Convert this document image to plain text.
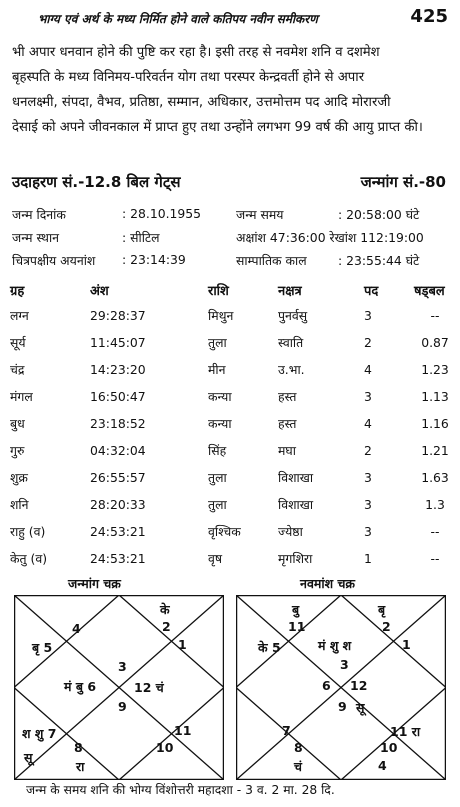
भाग्य एवं अर्थ के मध्य निर्मित होने वाले कतिपय नवीन समीकरण	425
भी अपार धनवान होने की पुष्टि कर रहा है। इसी तरह से नवमेश शनि व दशमेश
बृहस्पति के मध्य विनिमय-परिवर्तन योग तथा परस्पर केन्द्रवर्ती होने से अपार
धनलक्ष्मी, संपदा, वैभव, प्रतिष्ठा, सम्मान, अधिकार, उत्तमोत्तम पद आदि मोरारजी
देसाई को अपने जीवनकाल में प्राप्त हुए तथा उन्होंने लगभग 99 वर्ष की आयु प्राप्त की।
उदाहरण सं.-12.8 बिल गेट्स	जन्मांग सं.-80
जन्म दिनांक	: 28.10.1955	जन्म समय	: 20:58:00 घंटे
जन्म स्थान	: सीटिल	अक्षांश 47:36:00 रेखांश 112:19:00
चित्रपक्षीय अयनांश : 23:14:39	साम्पातिक काल	: 23:55:44 घंटे
ग्रह	अंश	राशि	नक्षत्र	पद	षड्बल
लग्न	29:28:37	मिथुन	पुनर्वसु	3	--
सूर्य	11:45:07	तुला	स्वाति	2	0.87
चंद्र	14:23:20	मीन	उ.भा.	4	1.23
मंगल	16:50:47	कन्या	हस्त	3	1.13
बुध	23:18:52	कन्या	हस्त	4	1.16
गुरु	04:32:04	सिंह	मघा	2	1.21
शुक्र	26:55:57	तुला	विशाखा	3	1.63
शनि	28:20:33	तुला	विशाखा	3	1.3
राहु (व)	24:53:21	वृश्चिक	ज्येष्ठा	3	--
केतु (व)	24:53:21	वृष	मृगशिरा	1	--
जन्मांग चक्र	नवमांश चक्र
के
2
1
4
बृ 5
3
मं बु 6	12 चं
9
श शु 7
सू
8
रा
10
11
बु
11
बृ
2
के 5	मं शु श
3
1
6 12
9 सू
7
8
चं
10
11 रा
4
जन्म के समय शनि की भोग्य विंशोत्तरी महादशा - 3 व. 2 मा. 28 दि.
